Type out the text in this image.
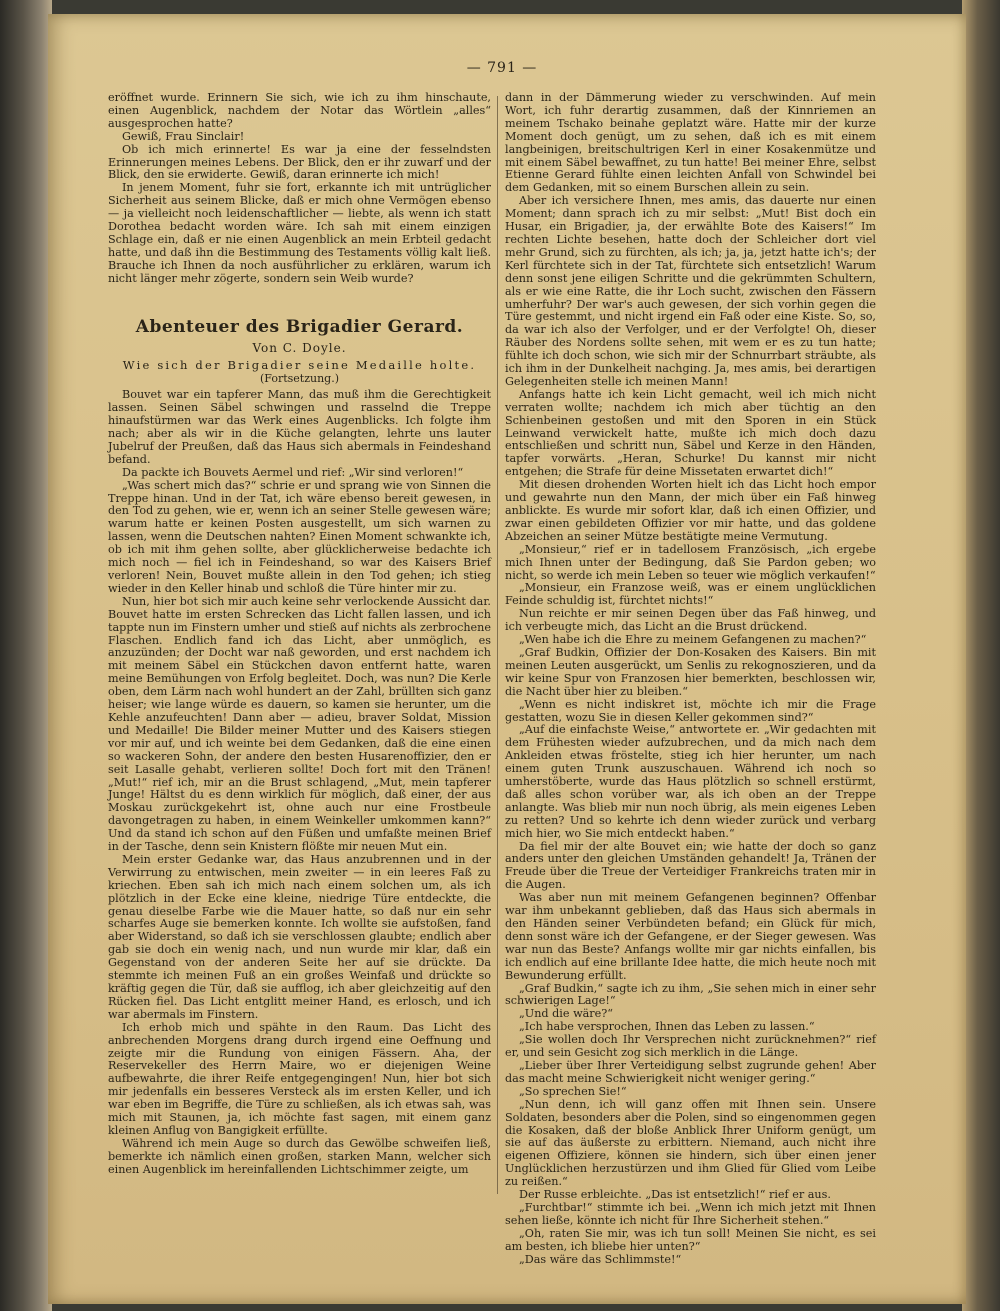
— 791 —

eröffnet wurde. Erinnern Sie sich, wie ich zu ihm hinschaute, einen Augenblick, nachdem der Notar das Wörtlein „alles“ ausgesprochen hatte?

Gewiß, Frau Sinclair!

Ob ich mich erinnerte! Es war ja eine der fesselndsten Erinnerungen meines Lebens. Der Blick, den er ihr zuwarf und der Blick, den sie erwiderte. Gewiß, daran erinnerte ich mich!

In jenem Moment, fuhr sie fort, erkannte ich mit untrüglicher Sicherheit aus seinem Blicke, daß er mich ohne Vermögen ebenso — ja vielleicht noch leidenschaftlicher — liebte, als wenn ich statt Dorothea bedacht worden wäre. Ich sah mit einem einzigen Schlage ein, daß er nie einen Augenblick an mein Erbteil gedacht hatte, und daß ihn die Bestimmung des Testaments völlig kalt ließ. Brauche ich Ihnen da noch ausführlicher zu erklären, warum ich nicht länger mehr zögerte, sondern sein Weib wurde?

Abenteuer des Brigadier Gerard.
Von C. Doyle.
Wie sich der Brigadier seine Medaille holte.
(Fortsetzung.)

Bouvet war ein tapferer Mann, das muß ihm die Gerechtigkeit lassen. Seinen Säbel schwingen und rasselnd die Treppe hinaufstürmen war das Werk eines Augenblicks. Ich folgte ihm nach; aber als wir in die Küche gelangten, lehrte uns lauter Jubelruf der Preußen, daß das Haus sich abermals in Feindeshand befand.

Da packte ich Bouvets Aermel und rief: „Wir sind verloren!“

„Was schert mich das?“ schrie er und sprang wie von Sinnen die Treppe hinan. Und in der Tat, ich wäre ebenso bereit gewesen, in den Tod zu gehen, wie er, wenn ich an seiner Stelle gewesen wäre; warum hatte er keinen Posten ausgestellt, um sich warnen zu lassen, wenn die Deutschen nahten? Einen Moment schwankte ich, ob ich mit ihm gehen sollte, aber glücklicherweise bedachte ich mich noch — fiel ich in Feindeshand, so war des Kaisers Brief verloren! Nein, Bouvet mußte allein in den Tod gehen; ich stieg wieder in den Keller hinab und schloß die Türe hinter mir zu.

Nun, hier bot sich mir auch keine sehr verlockende Aussicht dar. Bouvet hatte im ersten Schrecken das Licht fallen lassen, und ich tappte nun im Finstern umher und stieß auf nichts als zerbrochene Flaschen. Endlich fand ich das Licht, aber unmöglich, es anzuzünden; der Docht war naß geworden, und erst nachdem ich mit meinem Säbel ein Stückchen davon entfernt hatte, waren meine Bemühungen von Erfolg begleitet. Doch, was nun? Die Kerle oben, dem Lärm nach wohl hundert an der Zahl, brüllten sich ganz heiser; wie lange würde es dauern, so kamen sie herunter, um die Kehle anzufeuchten! Dann aber — adieu, braver Soldat, Mission und Medaille! Die Bilder meiner Mutter und des Kaisers stiegen vor mir auf, und ich weinte bei dem Gedanken, daß die eine einen so wackeren Sohn, der andere den besten Husarenoffizier, den er seit Lasalle gehabt, verlieren sollte! Doch fort mit den Tränen! „Mut!“ rief ich, mir an die Brust schlagend, „Mut, mein tapferer Junge! Hältst du es denn wirklich für möglich, daß einer, der aus Moskau zurückgekehrt ist, ohne auch nur eine Frostbeule davongetragen zu haben, in einem Weinkeller umkommen kann?“ Und da stand ich schon auf den Füßen und umfaßte meinen Brief in der Tasche, denn sein Knistern flößte mir neuen Mut ein.

Mein erster Gedanke war, das Haus anzubrennen und in der Verwirrung zu entwischen, mein zweiter — in ein leeres Faß zu kriechen. Eben sah ich mich nach einem solchen um, als ich plötzlich in der Ecke eine kleine, niedrige Türe entdeckte, die genau dieselbe Farbe wie die Mauer hatte, so daß nur ein sehr scharfes Auge sie bemerken konnte. Ich wollte sie aufstoßen, fand aber Widerstand, so daß ich sie verschlossen glaubte; endlich aber gab sie doch ein wenig nach, und nun wurde mir klar, daß ein Gegenstand von der anderen Seite her auf sie drückte. Da stemmte ich meinen Fuß an ein großes Weinfaß und drückte so kräftig gegen die Tür, daß sie aufflog, ich aber gleichzeitig auf den Rücken fiel. Das Licht entglitt meiner Hand, es erlosch, und ich war abermals im Finstern.

Ich erhob mich und spähte in den Raum. Das Licht des anbrechenden Morgens drang durch irgend eine Oeffnung und zeigte mir die Rundung von einigen Fässern. Aha, der Reservekeller des Herrn Maire, wo er diejenigen Weine aufbewahrte, die ihrer Reife entgegengingen! Nun, hier bot sich mir jedenfalls ein besseres Versteck als im ersten Keller, und ich war eben im Begriffe, die Türe zu schließen, als ich etwas sah, was mich mit Staunen, ja, ich möchte fast sagen, mit einem ganz kleinen Anflug von Bangigkeit erfüllte.

Während ich mein Auge so durch das Gewölbe schweifen ließ, bemerkte ich nämlich einen großen, starken Mann, welcher sich einen Augenblick im hereinfallenden Lichtschimmer zeigte, um

dann in der Dämmerung wieder zu verschwinden. Auf mein Wort, ich fuhr derartig zusammen, daß der Kinnriemen an meinem Tschako beinahe geplatzt wäre. Hatte mir der kurze Moment doch genügt, um zu sehen, daß ich es mit einem langbeinigen, breitschultrigen Kerl in einer Kosakenmütze und mit einem Säbel bewaffnet, zu tun hatte! Bei meiner Ehre, selbst Etienne Gerard fühlte einen leichten Anfall von Schwindel bei dem Gedanken, mit so einem Burschen allein zu sein.

Aber ich versichere Ihnen, mes amis, das dauerte nur einen Moment; dann sprach ich zu mir selbst: „Mut! Bist doch ein Husar, ein Brigadier, ja, der erwählte Bote des Kaisers!“ Im rechten Lichte besehen, hatte doch der Schleicher dort viel mehr Grund, sich zu fürchten, als ich; ja, ja, jetzt hatte ich's; der Kerl fürchtete sich in der Tat, fürchtete sich entsetzlich! Warum denn sonst jene eiligen Schritte und die gekrümmten Schultern, als er wie eine Ratte, die ihr Loch sucht, zwischen den Fässern umherfuhr? Der war's auch gewesen, der sich vorhin gegen die Türe gestemmt, und nicht irgend ein Faß oder eine Kiste. So, so, da war ich also der Verfolger, und er der Verfolgte! Oh, dieser Räuber des Nordens sollte sehen, mit wem er es zu tun hatte; fühlte ich doch schon, wie sich mir der Schnurrbart sträubte, als ich ihm in der Dunkelheit nachging. Ja, mes amis, bei derartigen Gelegenheiten stelle ich meinen Mann!

Anfangs hatte ich kein Licht gemacht, weil ich mich nicht verraten wollte; nachdem ich mich aber tüchtig an den Schienbeinen gestoßen und mit den Sporen in ein Stück Leinwand verwickelt hatte, mußte ich mich doch dazu entschließen und schritt nun, Säbel und Kerze in den Händen, tapfer vorwärts. „Heran, Schurke! Du kannst mir nicht entgehen; die Strafe für deine Missetaten erwartet dich!“

Mit diesen drohenden Worten hielt ich das Licht hoch empor und gewahrte nun den Mann, der mich über ein Faß hinweg anblickte. Es wurde mir sofort klar, daß ich einen Offizier, und zwar einen gebildeten Offizier vor mir hatte, und das goldene Abzeichen an seiner Mütze bestätigte meine Vermutung.

„Monsieur,“ rief er in tadellosem Französisch, „ich ergebe mich Ihnen unter der Bedingung, daß Sie Pardon geben; wo nicht, so werde ich mein Leben so teuer wie möglich verkaufen!“

„Monsieur, ein Franzose weiß, was er einem unglücklichen Feinde schuldig ist, fürchtet nichts!“

Nun reichte er mir seinen Degen über das Faß hinweg, und ich verbeugte mich, das Licht an die Brust drückend.

„Wen habe ich die Ehre zu meinem Gefangenen zu machen?“

„Graf Budkin, Offizier der Don-Kosaken des Kaisers. Bin mit meinen Leuten ausgerückt, um Senlis zu rekognoszieren, und da wir keine Spur von Franzosen hier bemerkten, beschlossen wir, die Nacht über hier zu bleiben.“

„Wenn es nicht indiskret ist, möchte ich mir die Frage gestatten, wozu Sie in diesen Keller gekommen sind?“

„Auf die einfachste Weise,“ antwortete er. „Wir gedachten mit dem Frühesten wieder aufzubrechen, und da mich nach dem Ankleiden etwas fröstelte, stieg ich hier herunter, um nach einem guten Trunk auszuschauen. Während ich noch so umherstöberte, wurde das Haus plötzlich so schnell erstürmt, daß alles schon vorüber war, als ich oben an der Treppe anlangte. Was blieb mir nun noch übrig, als mein eigenes Leben zu retten? Und so kehrte ich denn wieder zurück und verbarg mich hier, wo Sie mich entdeckt haben.“

Da fiel mir der alte Bouvet ein; wie hatte der doch so ganz anders unter den gleichen Umständen gehandelt! Ja, Tränen der Freude über die Treue der Verteidiger Frankreichs traten mir in die Augen.

Was aber nun mit meinem Gefangenen beginnen? Offenbar war ihm unbekannt geblieben, daß das Haus sich abermals in den Händen seiner Verbündeten befand; ein Glück für mich, denn sonst wäre ich der Gefangene, er der Sieger gewesen. Was war nun das Beste? Anfangs wollte mir gar nichts einfallen, bis ich endlich auf eine brillante Idee hatte, die mich heute noch mit Bewunderung erfüllt.

„Graf Budkin,“ sagte ich zu ihm, „Sie sehen mich in einer sehr schwierigen Lage!“

„Und die wäre?“

„Ich habe versprochen, Ihnen das Leben zu lassen.“

„Sie wollen doch Ihr Versprechen nicht zurücknehmen?“ rief er, und sein Gesicht zog sich merklich in die Länge.

„Lieber über Ihrer Verteidigung selbst zugrunde gehen! Aber das macht meine Schwierigkeit nicht weniger gering.“

„So sprechen Sie!“

„Nun denn, ich will ganz offen mit Ihnen sein. Unsere Soldaten, besonders aber die Polen, sind so eingenommen gegen die Kosaken, daß der bloße Anblick Ihrer Uniform genügt, um sie auf das äußerste zu erbittern. Niemand, auch nicht ihre eigenen Offiziere, können sie hindern, sich über einen jener Unglücklichen herzustürzen und ihm Glied für Glied vom Leibe zu reißen.“

Der Russe erbleichte. „Das ist entsetzlich!“ rief er aus.

„Furchtbar!“ stimmte ich bei. „Wenn ich mich jetzt mit Ihnen sehen ließe, könnte ich nicht für Ihre Sicherheit stehen.“

„Oh, raten Sie mir, was ich tun soll! Meinen Sie nicht, es sei am besten, ich bliebe hier unten?“

„Das wäre das Schlimmste!“
